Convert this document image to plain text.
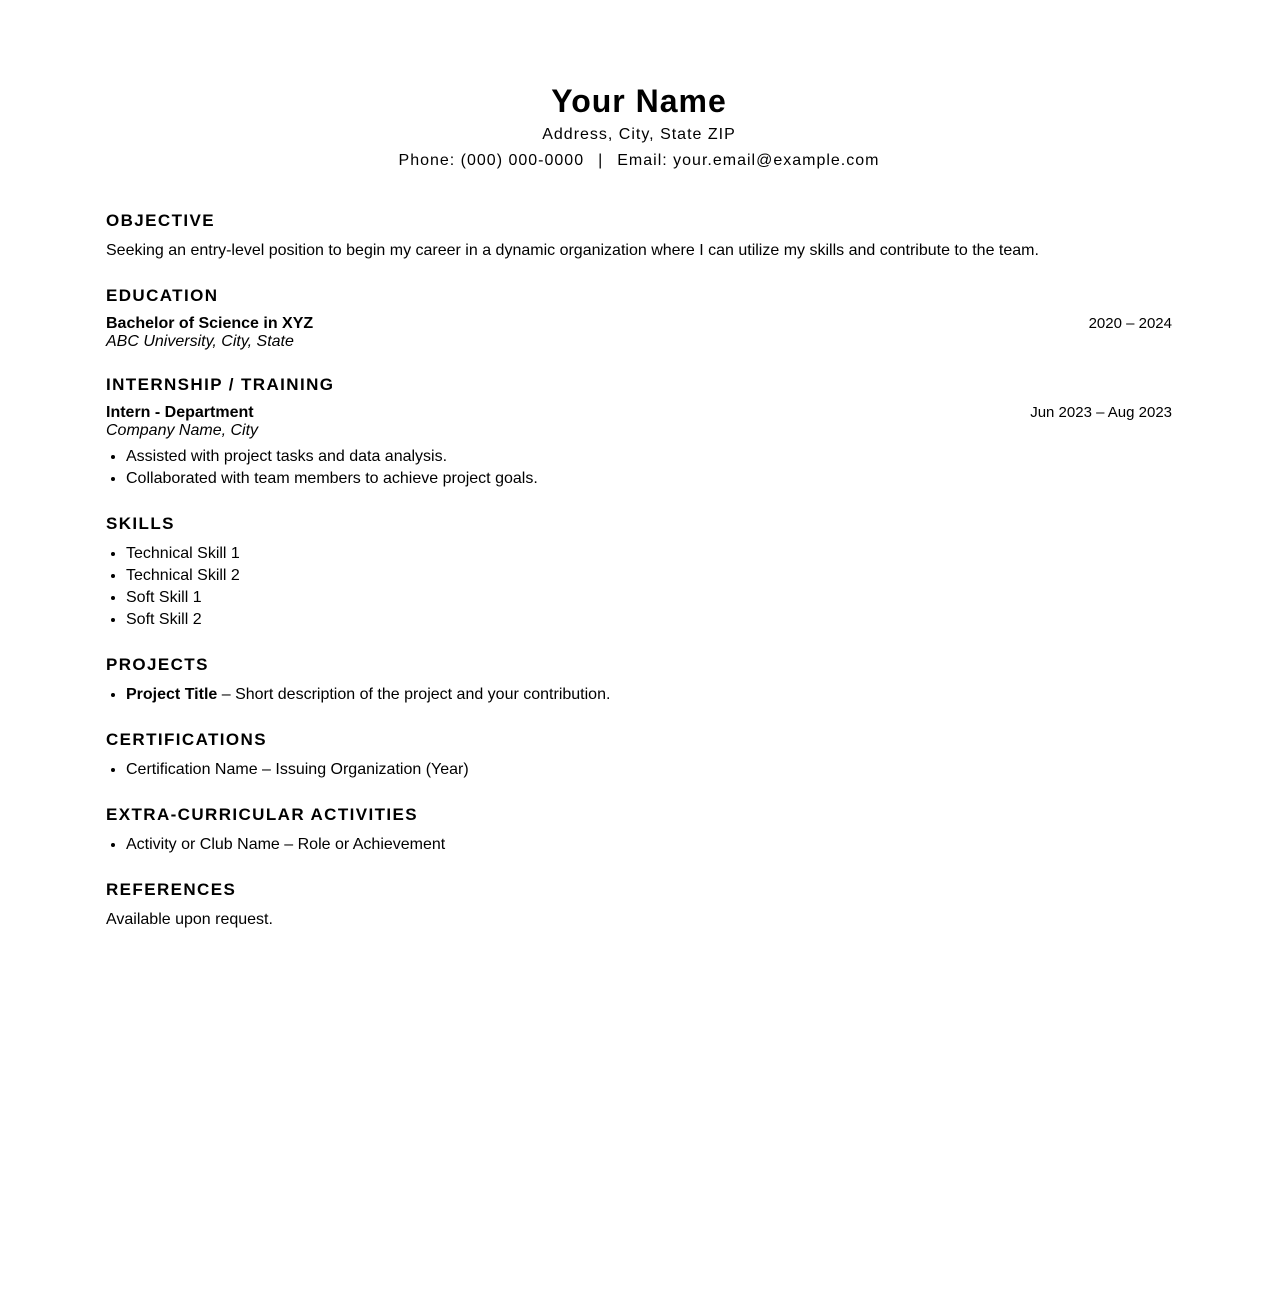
Your Name
Address, City, State ZIP
Phone: (000) 000-0000 | Email: your.email@example.com
OBJECTIVE
Seeking an entry-level position to begin my career in a dynamic organization where I can utilize my skills and contribute to the team.
EDUCATION
Bachelor of Science in XYZ	2020 – 2024
ABC University, City, State
INTERNSHIP / TRAINING
Intern - Department	Jun 2023 – Aug 2023
Company Name, City
• Assisted with project tasks and data analysis.
• Collaborated with team members to achieve project goals.
SKILLS
• Technical Skill 1
• Technical Skill 2
• Soft Skill 1
• Soft Skill 2
PROJECTS
• Project Title – Short description of the project and your contribution.
CERTIFICATIONS
• Certification Name – Issuing Organization (Year)
EXTRA-CURRICULAR ACTIVITIES
• Activity or Club Name – Role or Achievement
REFERENCES
Available upon request.
